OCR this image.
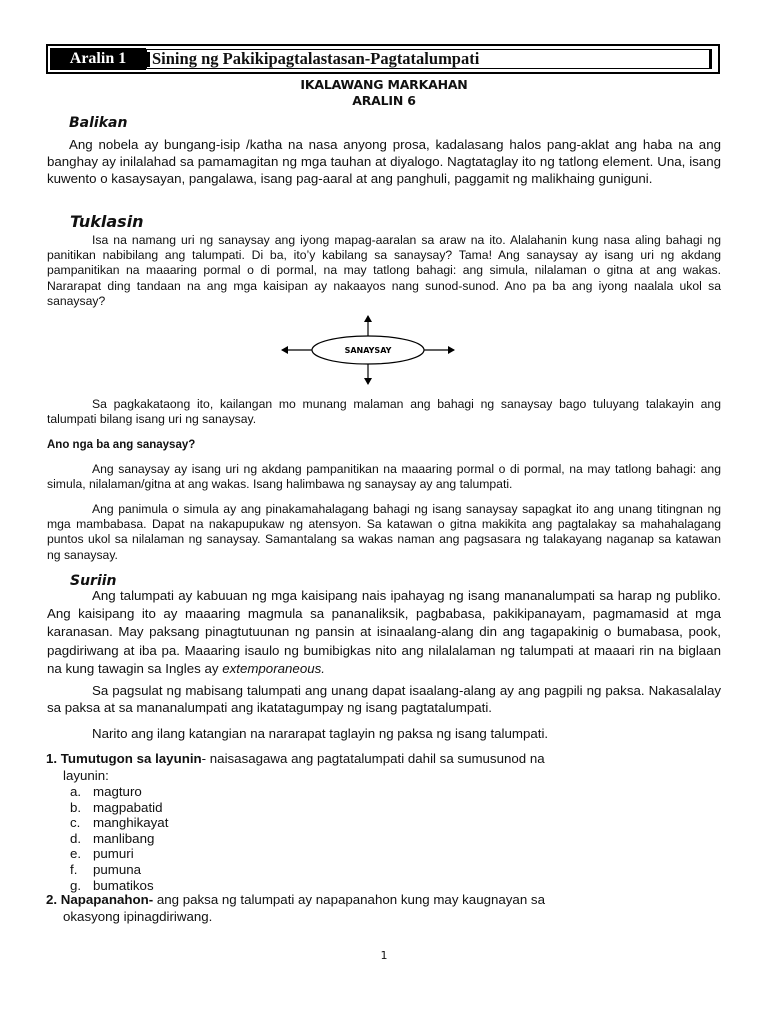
Aralin 1	Sining ng Pakikipagtalastasan-Pagtatalumpati
IKALAWANG MARKAHAN
ARALIN 6
Balikan
Ang nobela ay bungang-isip /katha na nasa anyong prosa, kadalasang halos pang-aklat ang haba na ang banghay ay inilalahad sa pamamagitan ng mga tauhan at diyalogo. Nagtataglay ito ng tatlong element. Una, isang kuwento o kasaysayan, pangalawa, isang pag-aaral at ang panghuli, paggamit ng malikhaing guniguni.
Tuklasin
Isa na namang uri ng sanaysay ang iyong mapag-aaralan sa araw na ito. Alalahanin kung nasa aling bahagi ng panitikan nabibilang ang talumpati. Di ba, ito’y kabilang sa sanaysay? Tama! Ang sanaysay ay isang uri ng akdang pampanitikan na maaaring pormal o di pormal, na may tatlong bahagi: ang simula, nilalaman o gitna at ang wakas. Nararapat ding tandaan na ang mga kaisipan ay nakaayos nang sunod-sunod. Ano pa ba ang iyong naalala ukol sa sanaysay?
SANAYSAY
Sa pagkakataong ito, kailangan mo munang malaman ang bahagi ng sanaysay bago tuluyang talakayin ang talumpati bilang isang uri ng sanaysay.
Ano nga ba ang sanaysay?
Ang sanaysay ay isang uri ng akdang pampanitikan na maaaring pormal o di pormal, na may tatlong bahagi: ang simula, nilalaman/gitna at ang wakas. Isang halimbawa ng sanaysay ay ang talumpati.
Ang panimula o simula ay ang pinakamahalagang bahagi ng isang sanaysay sapagkat ito ang unang titingnan ng mga mambabasa. Dapat na nakapupukaw ng atensyon. Sa katawan o gitna makikita ang pagtalakay sa mahahalagang puntos ukol sa nilalaman ng sanaysay. Samantalang sa wakas naman ang pagsasara ng talakayang naganap sa katawan ng sanaysay.
Suriin
Ang talumpati ay kabuuan ng mga kaisipang nais ipahayag ng isang mananalumpati sa harap ng publiko. Ang kaisipang ito ay maaaring magmula sa pananaliksik, pagbabasa, pakikipanayam, pagmamasid at mga karanasan. May paksang pinagtutuunan ng pansin at isinaalang-alang din ang tagapakinig o bumabasa, pook, pagdiriwang at iba pa. Maaaring isaulo ng bumibigkas nito ang nilalalaman ng talumpati at maaari rin na biglaan na kung tawagin sa Ingles ay extemporaneous.
Sa pagsulat ng mabisang talumpati ang unang dapat isaalang-alang ay ang pagpili ng paksa. Nakasalalay sa paksa at sa mananalumpati ang ikatatagumpay ng isang pagtatalumpati.
Narito ang ilang katangian na nararapat taglayin ng paksa ng isang talumpati.
1. Tumutugon sa layunin- naisasagawa ang pagtatalumpati dahil sa sumusunod na
layunin:
a. magturo
b. magpabatid
c. manghikayat
d. manlibang
e. pumuri
f. pumuna
g. bumatikos
2. Napapanahon- ang paksa ng talumpati ay napapanahon kung may kaugnayan sa
okasyong ipinagdiriwang.
1
